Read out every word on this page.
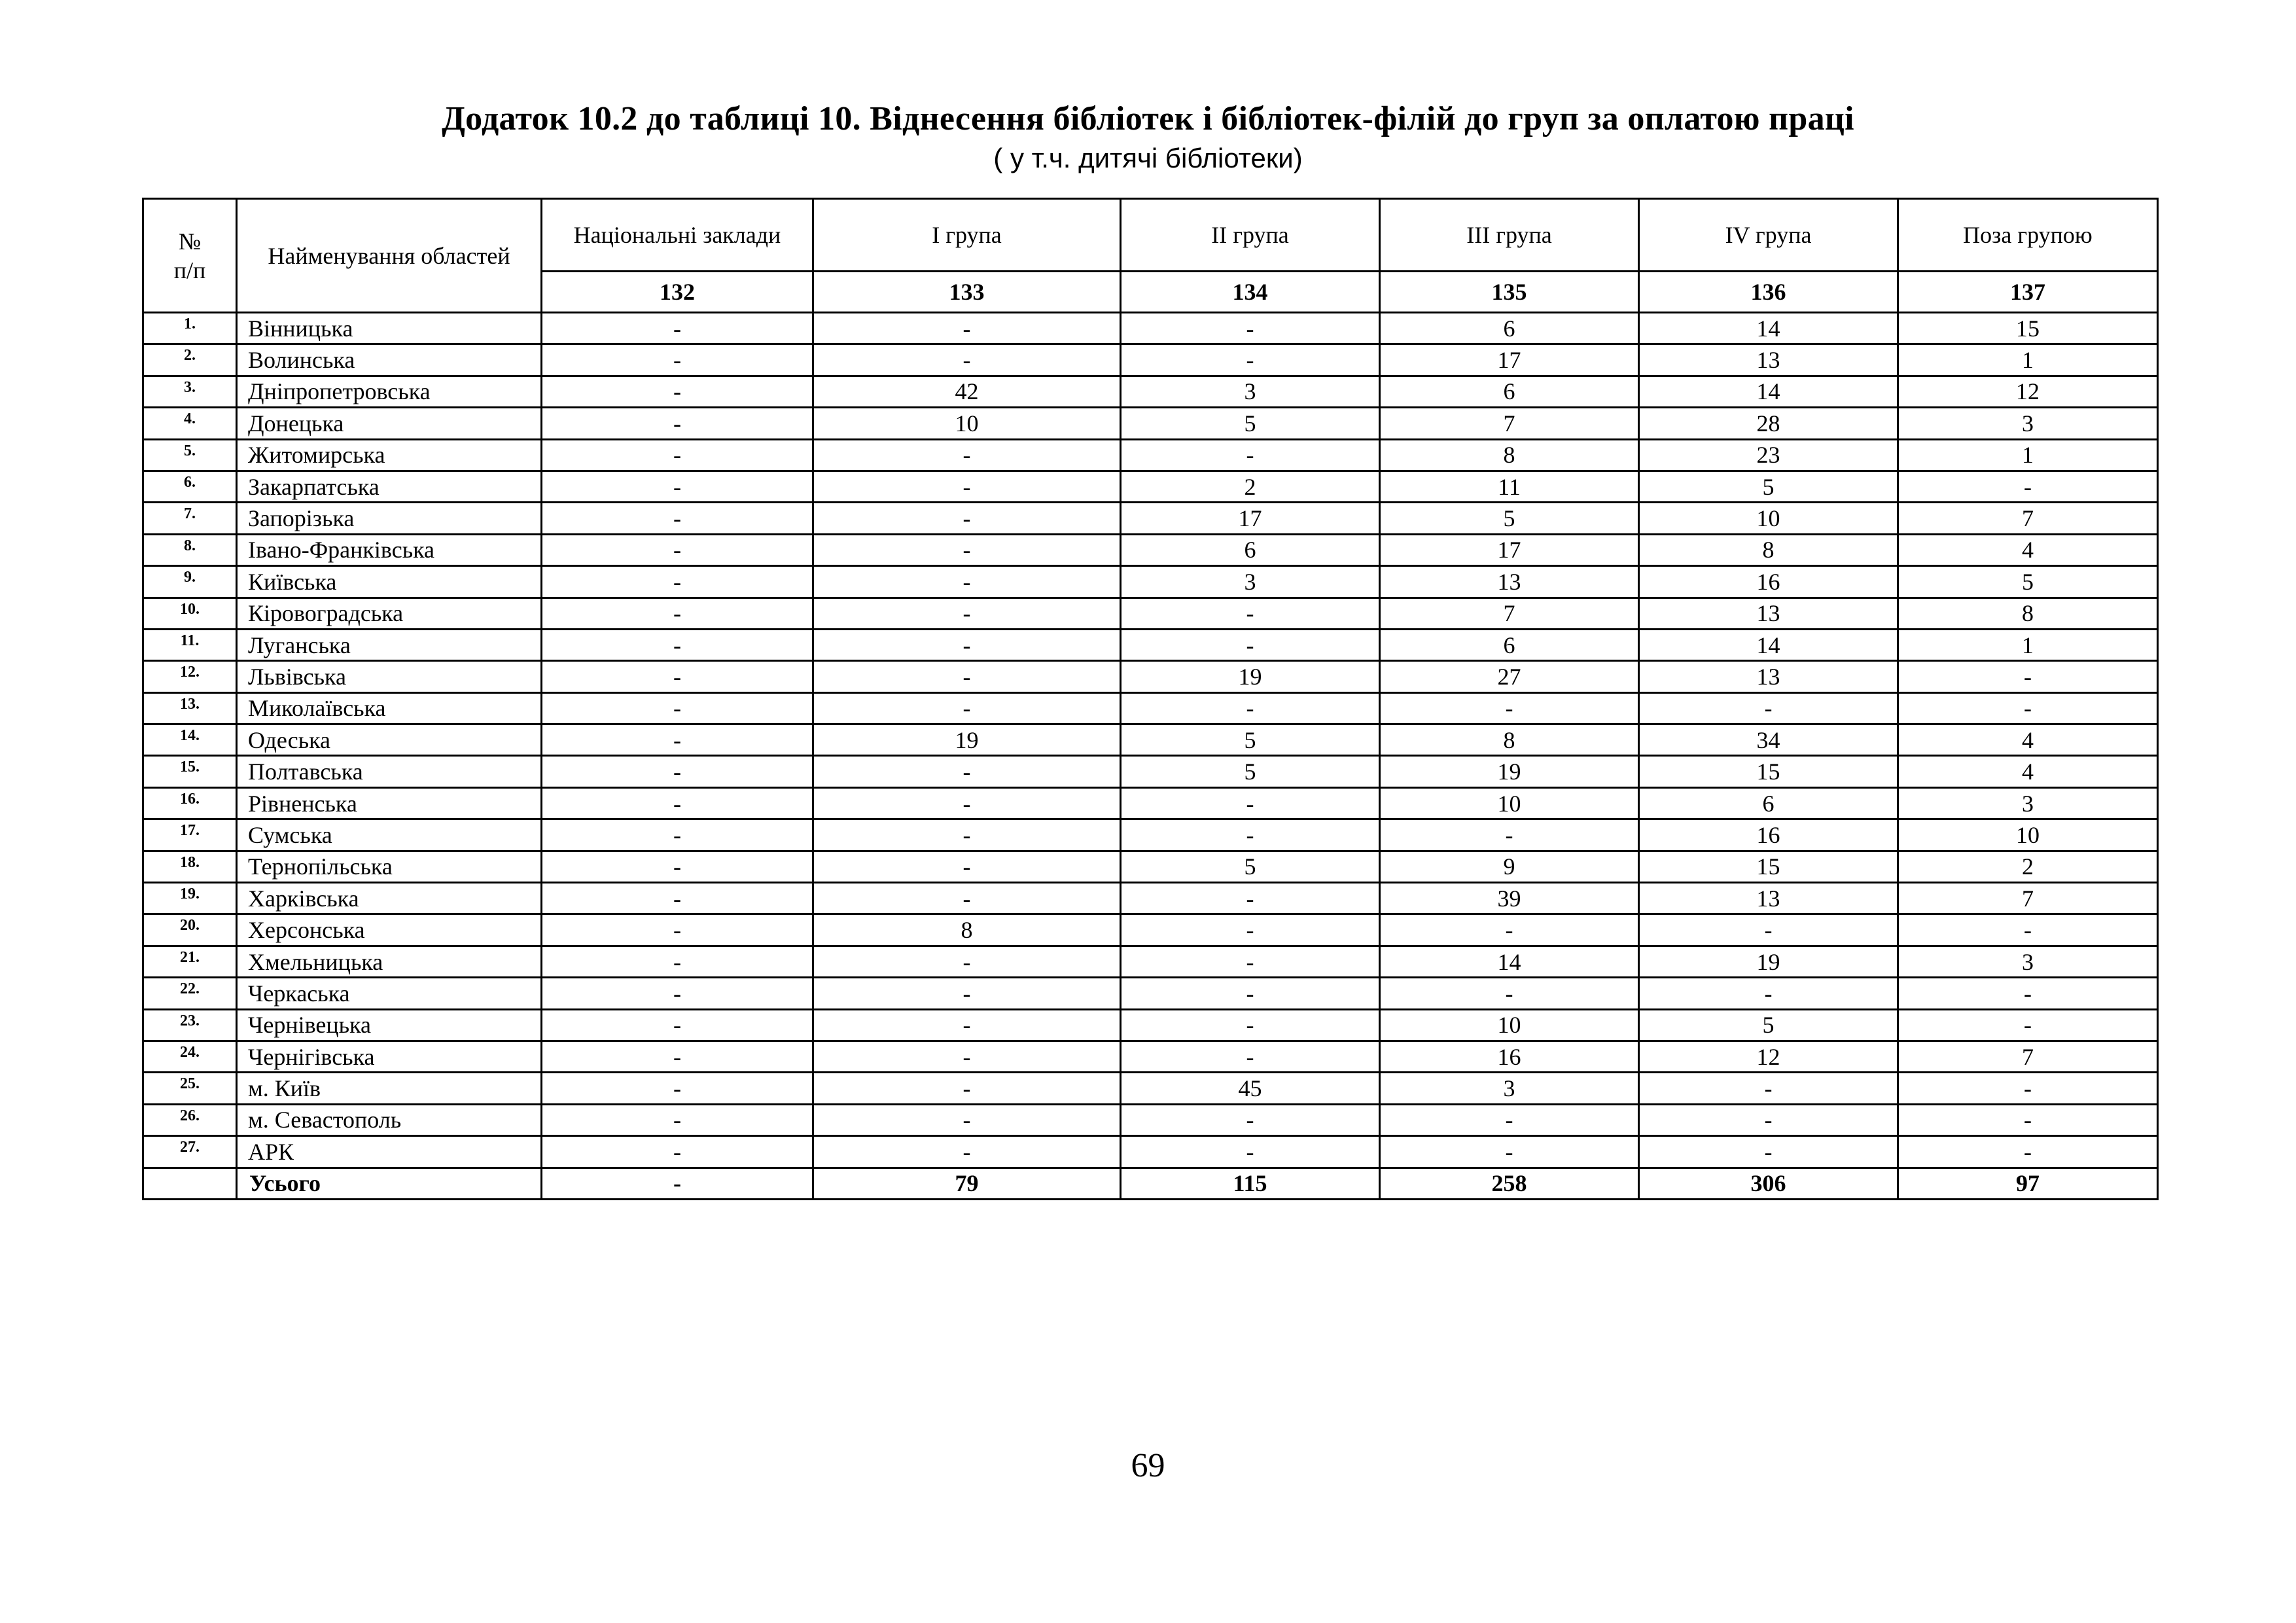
Додаток 10.2 до таблиці 10. Віднесення бібліотек і бібліотек-філій до груп за оплатою праці
( у т.ч. дитячі бібліотеки)
№
п/п	Найменування областей	Національні заклади	І група	ІІ група	ІІІ група	ІV група	Поза групою
		132	133	134	135	136	137
1.	Вінницька	-	-	-	6	14	15
2.	Волинська	-	-	-	17	13	1
3.	Дніпропетровська	-	42	3	6	14	12
4.	Донецька	-	10	5	7	28	3
5.	Житомирська	-	-	-	8	23	1
6.	Закарпатська	-	-	2	11	5	-
7.	Запорізька	-	-	17	5	10	7
8.	Івано-Франківська	-	-	6	17	8	4
9.	Київська	-	-	3	13	16	5
10.	Кіровоградська	-	-	-	7	13	8
11.	Луганська	-	-	-	6	14	1
12.	Львівська	-	-	19	27	13	-
13.	Миколаївська	-	-	-	-	-	-
14.	Одеська	-	19	5	8	34	4
15.	Полтавська	-	-	5	19	15	4
16.	Рівненська	-	-	-	10	6	3
17.	Сумська	-	-	-	-	16	10
18.	Тернопільська	-	-	5	9	15	2
19.	Харківська	-	-	-	39	13	7
20.	Херсонська	-	8	-	-	-	-
21.	Хмельницька	-	-	-	14	19	3
22.	Черкаська	-	-	-	-	-	-
23.	Чернівецька	-	-	-	10	5	-
24.	Чернігівська	-	-	-	16	12	7
25.	м. Київ	-	-	45	3	-	-
26.	м. Севастополь	-	-	-	-	-	-
27.	АРК	-	-	-	-	-	-
	Усього	-	79	115	258	306	97
69
